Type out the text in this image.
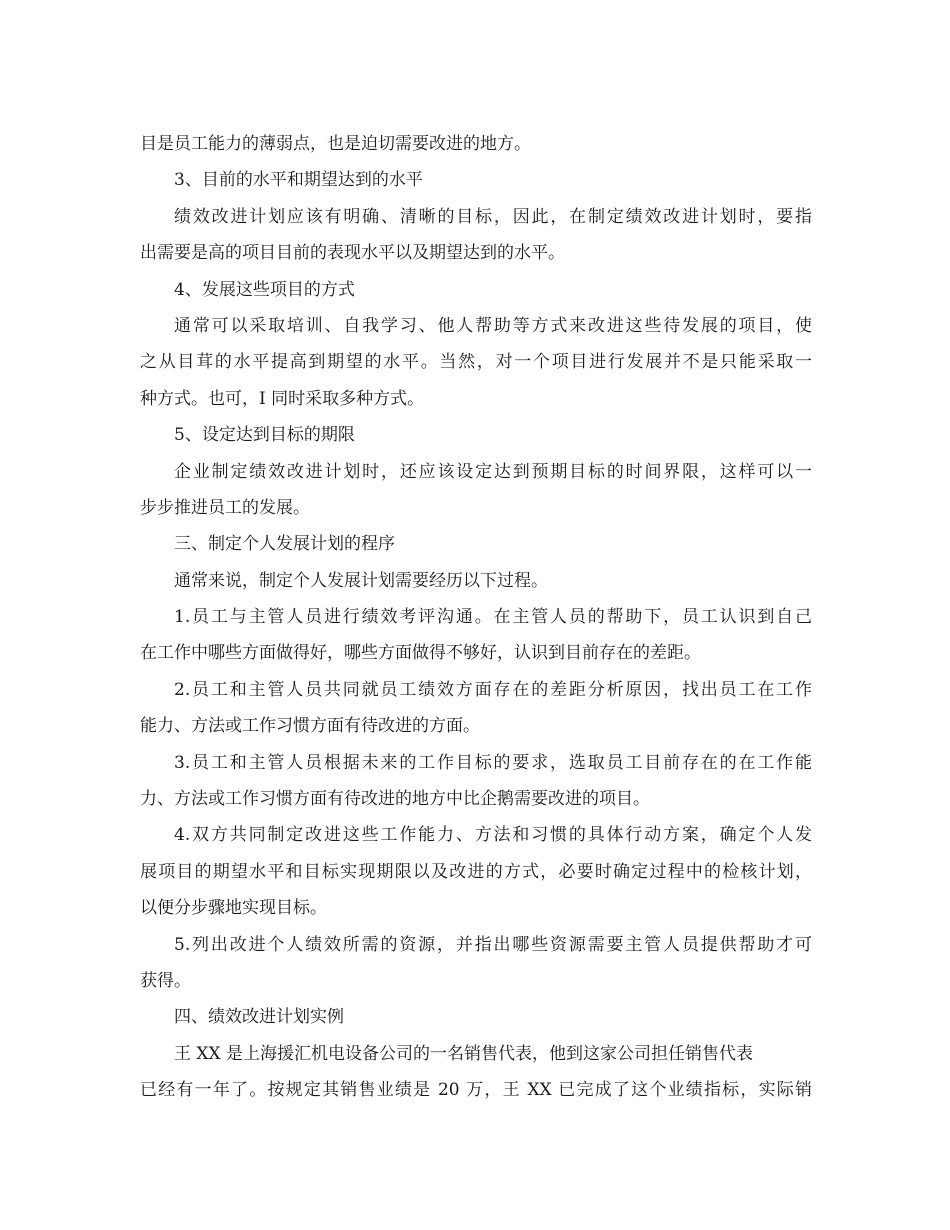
目是员工能力的薄弱点，也是迫切需要改进的地方。
3、目前的水平和期望达到的水平
绩效改进计划应该有明确、清晰的目标，因此，在制定绩效改进计划时，要指
出需要是高的项目目前的表现水平以及期望达到的水平。
4、发展这些项目的方式
通常可以采取培训、自我学习、他人帮助等方式来改进这些待发展的项目，使
之从目茸的水平提高到期望的水平。当然，对一个项目进行发展并不是只能采取一
种方式。也可，I 同时采取多种方式。
5、设定达到目标的期限
企业制定绩效改进计划时，还应该设定达到预期目标的时间界限，这样可以一
步步推进员工的发展。
三、制定个人发展计划的程序
通常来说，制定个人发展计划需要经历以下过程。
1.员工与主管人员进行绩效考评沟通。在主管人员的帮助下，员工认识到自己
在工作中哪些方面做得好，哪些方面做得不够好，认识到目前存在的差距。
2.员工和主管人员共同就员工绩效方面存在的差距分析原因，找出员工在工作
能力、方法或工作习惯方面有待改进的方面。
3.员工和主管人员根据未来的工作目标的要求，选取员工目前存在的在工作能
力、方法或工作习惯方面有待改进的地方中比企鹅需要改进的项目。
4.双方共同制定改进这些工作能力、方法和习惯的具体行动方案，确定个人发
展项目的期望水平和目标实现期限以及改进的方式，必要时确定过程中的检核计划，
以便分步骤地实现目标。
5.列出改进个人绩效所需的资源，并指出哪些资源需要主管人员提供帮助才可
获得。
四、绩效改进计划实例
王 XX 是上海援汇机电设备公司的一名销售代表，他到这家公司担任销售代表
已经有一年了。按规定其销售业绩是 20 万，王 XX 已完成了这个业绩指标，实际销
